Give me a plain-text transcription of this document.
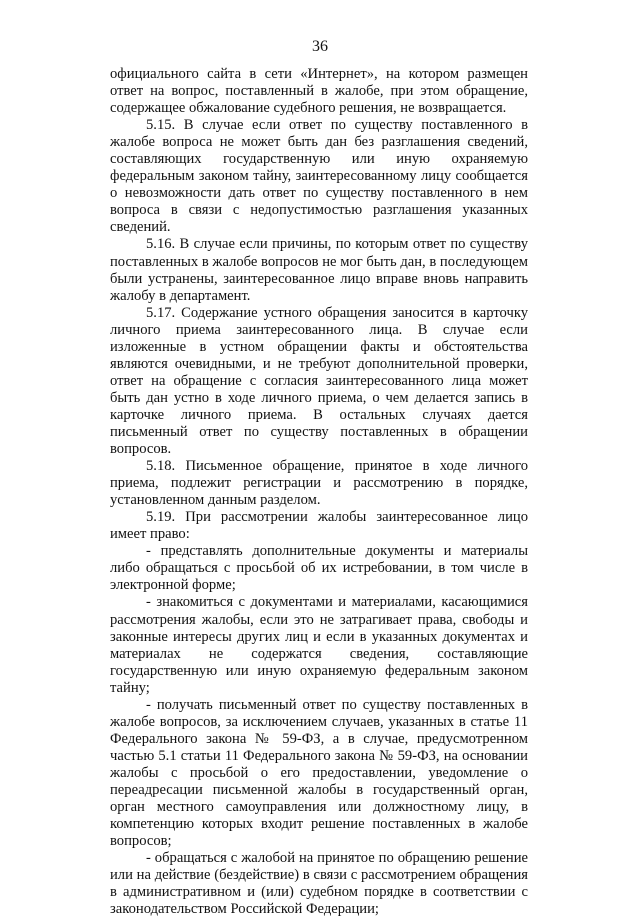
36

официального сайта в сети «Интернет», на котором размещен ответ на вопрос, поставленный в жалобе, при этом обращение, содержащее обжалование судебного решения, не возвращается.

5.15. В случае если ответ по существу поставленного в жалобе вопроса не может быть дан без разглашения сведений, составляющих государственную или иную охраняемую федеральным законом тайну, заинтересованному лицу сообщается о невозможности дать ответ по существу поставленного в нем вопроса в связи с недопустимостью разглашения указанных сведений.

5.16. В случае если причины, по которым ответ по существу поставленных в жалобе вопросов не мог быть дан, в последующем были устранены, заинтересованное лицо вправе вновь направить жалобу в департамент.

5.17. Содержание устного обращения заносится в карточку личного приема заинтересованного лица. В случае если изложенные в устном обращении факты и обстоятельства являются очевидными, и не требуют дополнительной проверки, ответ на обращение с согласия заинтересованного лица может быть дан устно в ходе личного приема, о чем делается запись в карточке личного приема. В остальных случаях дается письменный ответ по существу поставленных в обращении вопросов.

5.18. Письменное обращение, принятое в ходе личного приема, подлежит регистрации и рассмотрению в порядке, установленном данным разделом.

5.19. При рассмотрении жалобы заинтересованное лицо имеет право:

- представлять дополнительные документы и материалы либо обращаться с просьбой об их истребовании, в том числе в электронной форме;

- знакомиться с документами и материалами, касающимися рассмотрения жалобы, если это не затрагивает права, свободы и законные интересы других лиц и если в указанных документах и материалах не содержатся сведения, составляющие государственную или иную охраняемую федеральным законом тайну;

- получать письменный ответ по существу поставленных в жалобе вопросов, за исключением случаев, указанных в статье 11 Федерального закона № 59-ФЗ, а в случае, предусмотренном частью 5.1 статьи 11 Федерального закона № 59-ФЗ, на основании жалобы с просьбой о его предоставлении, уведомление о переадресации письменной жалобы в государственный орган, орган местного самоуправления или должностному лицу, в компетенцию которых входит решение поставленных в жалобе вопросов;

- обращаться с жалобой на принятое по обращению решение или на действие (бездействие) в связи с рассмотрением обращения в административном и (или) судебном порядке в соответствии с законодательством Российской Федерации;
